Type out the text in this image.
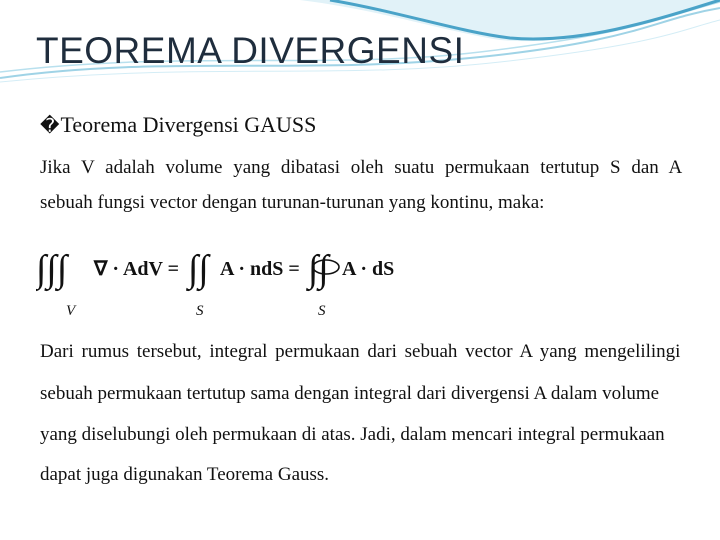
TEOREMA DIVERGENSI
�Teorema Divergensi GAUSS
Jika V adalah volume yang dibatasi oleh suatu permukaan tertutup S dan A
sebuah fungsi vector dengan turunan-turunan yang kontinu, maka:
∫∫∫
V
∇ · AdV = ∫∫
S
A · ndS = ∫∫
S
A · dS
Dari rumus tersebut, integral permukaan dari sebuah vector A yang mengelilingi
sebuah permukaan tertutup sama dengan integral dari divergensi A dalam volume
yang diselubungi oleh permukaan di atas. Jadi, dalam mencari integral permukaan
dapat juga digunakan Teorema Gauss.
